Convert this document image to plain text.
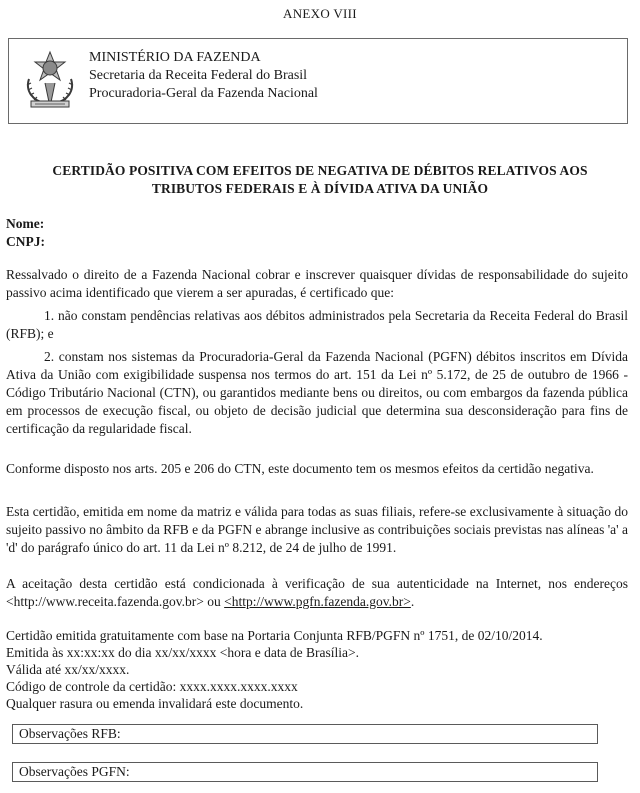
ANEXO VIII
MINISTÉRIO DA FAZENDA
Secretaria da Receita Federal do Brasil
Procuradoria-Geral da Fazenda Nacional
CERTIDÃO POSITIVA COM EFEITOS DE NEGATIVA DE DÉBITOS RELATIVOS AOS
TRIBUTOS FEDERAIS E À DÍVIDA ATIVA DA UNIÃO
Nome:
CNPJ:
Ressalvado o direito de a Fazenda Nacional cobrar e inscrever quaisquer dívidas de responsabilidade do sujeito passivo acima identificado que vierem a ser apuradas, é certificado que:
1. não constam pendências relativas aos débitos administrados pela Secretaria da Receita Federal do Brasil (RFB); e
2. constam nos sistemas da Procuradoria-Geral da Fazenda Nacional (PGFN) débitos inscritos em Dívida Ativa da União com exigibilidade suspensa nos termos do art. 151 da Lei nº 5.172, de 25 de outubro de 1966 - Código Tributário Nacional (CTN), ou garantidos mediante bens ou direitos, ou com embargos da fazenda pública em processos de execução fiscal, ou objeto de decisão judicial que determina sua desconsideração para fins de certificação da regularidade fiscal.
Conforme disposto nos arts. 205 e 206 do CTN, este documento tem os mesmos efeitos da certidão negativa.
Esta certidão, emitida em nome da matriz e válida para todas as suas filiais, refere-se exclusivamente à situação do sujeito passivo no âmbito da RFB e da PGFN e abrange inclusive as contribuições sociais previstas nas alíneas 'a' a 'd' do parágrafo único do art. 11 da Lei nº 8.212, de 24 de julho de 1991.
A aceitação desta certidão está condicionada à verificação de sua autenticidade na Internet, nos endereços <http://www.receita.fazenda.gov.br> ou <http://www.pgfn.fazenda.gov.br>.
Certidão emitida gratuitamente com base na Portaria Conjunta RFB/PGFN nº 1751, de 02/10/2014.
Emitida às xx:xx:xx do dia xx/xx/xxxx <hora e data de Brasília>.
Válida até xx/xx/xxxx.
Código de controle da certidão: xxxx.xxxx.xxxx.xxxx
Qualquer rasura ou emenda invalidará este documento.
Observações RFB:
Observações PGFN:
